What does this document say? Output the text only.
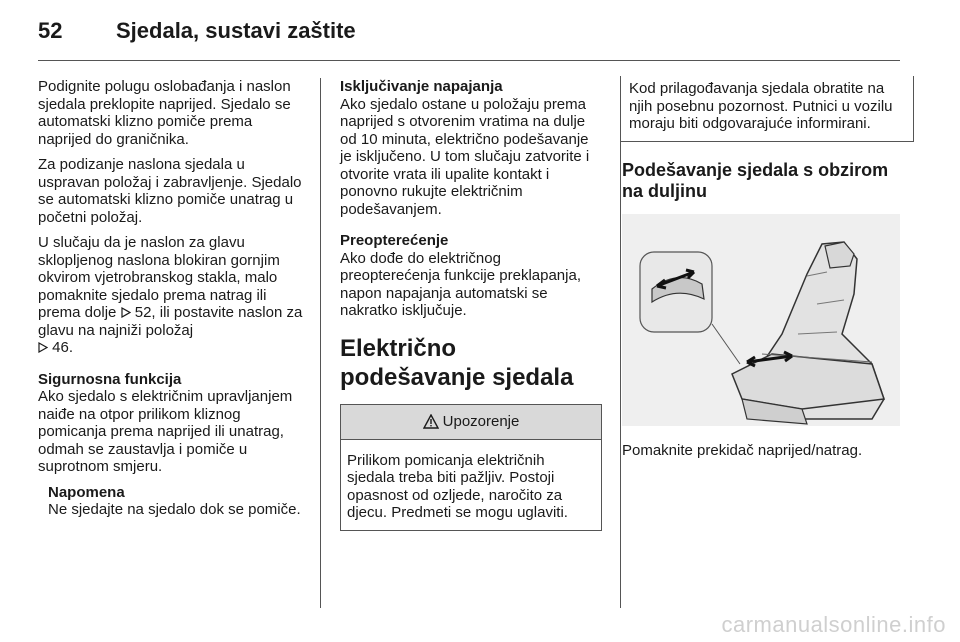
52 Sjedala, sustavi zaštite

Podignite polugu oslobađanja i naslon sjedala preklopite naprijed. Sjedalo se automatski klizno pomiče prema naprijed do graničnika.

Za podizanje naslona sjedala u uspravan položaj i zabravljenje. Sjedalo se automatski klizno pomiče unatrag u početni položaj.

U slučaju da je naslon za glavu sklopljenog naslona blokiran gornjim okvirom vjetrobranskog stakla, malo pomaknite sjedalo prema natrag ili prema dolje 52, ili postavite naslon za glavu na najniži položaj
46.

Sigurnosna funkcija

Ako sjedalo s električnim upravljanjem naiđe na otpor prilikom kliznog pomicanja prema naprijed ili unatrag, odmah se zaustavlja i pomiče u suprotnom smjeru.

Napomena
Ne sjedajte na sjedalo dok se pomiče.
Isključivanje napajanja

Ako sjedalo ostane u položaju prema naprijed s otvorenim vratima na dulje od 10 minuta, električno podešavanje je isključeno. U tom slučaju zatvorite i otvorite vrata ili upalite kontakt i ponovno rukujte električnim podešavanjem.

Preopterećenje

Ako dođe do električnog preopterećenja funkcije preklapanja, napon napajanja automatski se nakratko isključuje.

Električno podešavanje sjedala
Upozorenje
Prilikom pomicanja električnih sjedala treba biti pažljiv. Postoji opasnost od ozljede, naročito za djecu. Predmeti se mogu uglaviti.
Kod prilagođavanja sjedala obratite na njih posebnu pozornost. Putnici u vozilu moraju biti odgovarajuće informirani.
Podešavanje sjedala s obzirom na duljinu

Pomaknite prekidač naprijed/natrag.

carmanualsonline.info
